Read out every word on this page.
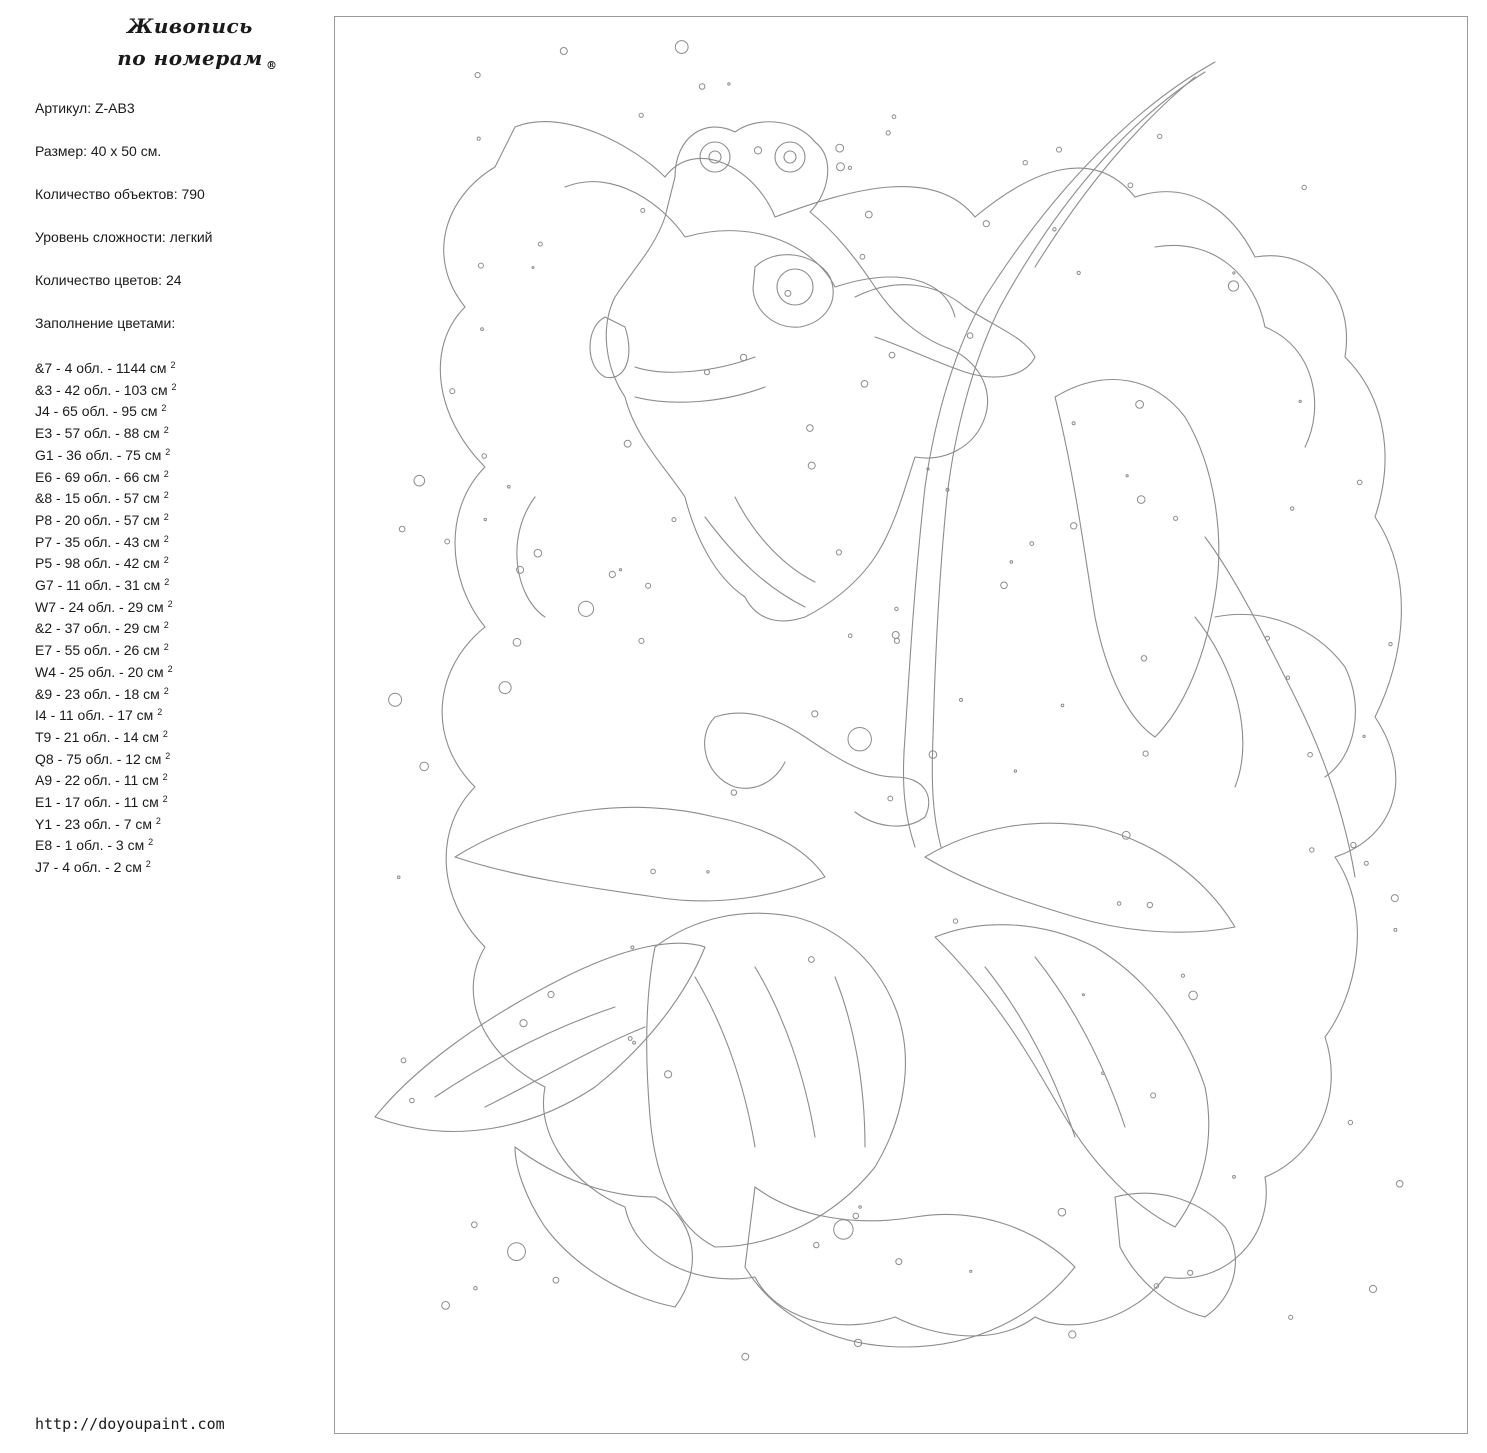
Живопись
по номерам ®

Артикул: Z-AB3

Размер: 40 x 50 см.

Количество объектов: 790

Уровень сложности: легкий

Количество цветов: 24

Заполнение цветами:

&7 - 4 обл. - 1144 см $^2$
&3 - 42 обл. - 103 см $^2$
J4 - 65 обл. - 95 см $^2$
E3 - 57 обл. - 88 см $^2$
G1 - 36 обл. - 75 см $^2$
E6 - 69 обл. - 66 см $^2$
&8 - 15 обл. - 57 см $^2$
P8 - 20 обл. - 57 см $^2$
P7 - 35 обл. - 43 см $^2$
P5 - 98 обл. - 42 см $^2$
G7 - 11 обл. - 31 см $^2$
W7 - 24 обл. - 29 см $^2$
&2 - 37 обл. - 29 см $^2$
E7 - 55 обл. - 26 см $^2$
W4 - 25 обл. - 20 см $^2$
&9 - 23 обл. - 18 см $^2$
I4 - 11 обл. - 17 см $^2$
T9 - 21 обл. - 14 см $^2$
Q8 - 75 обл. - 12 см $^2$
A9 - 22 обл. - 11 см $^2$
E1 - 17 обл. - 11 см $^2$
Y1 - 23 обл. - 7 см $^2$
E8 - 1 обл. - 3 см $^2$
J7 - 4 обл. - 2 см $^2$
http://doyoupaint.com
